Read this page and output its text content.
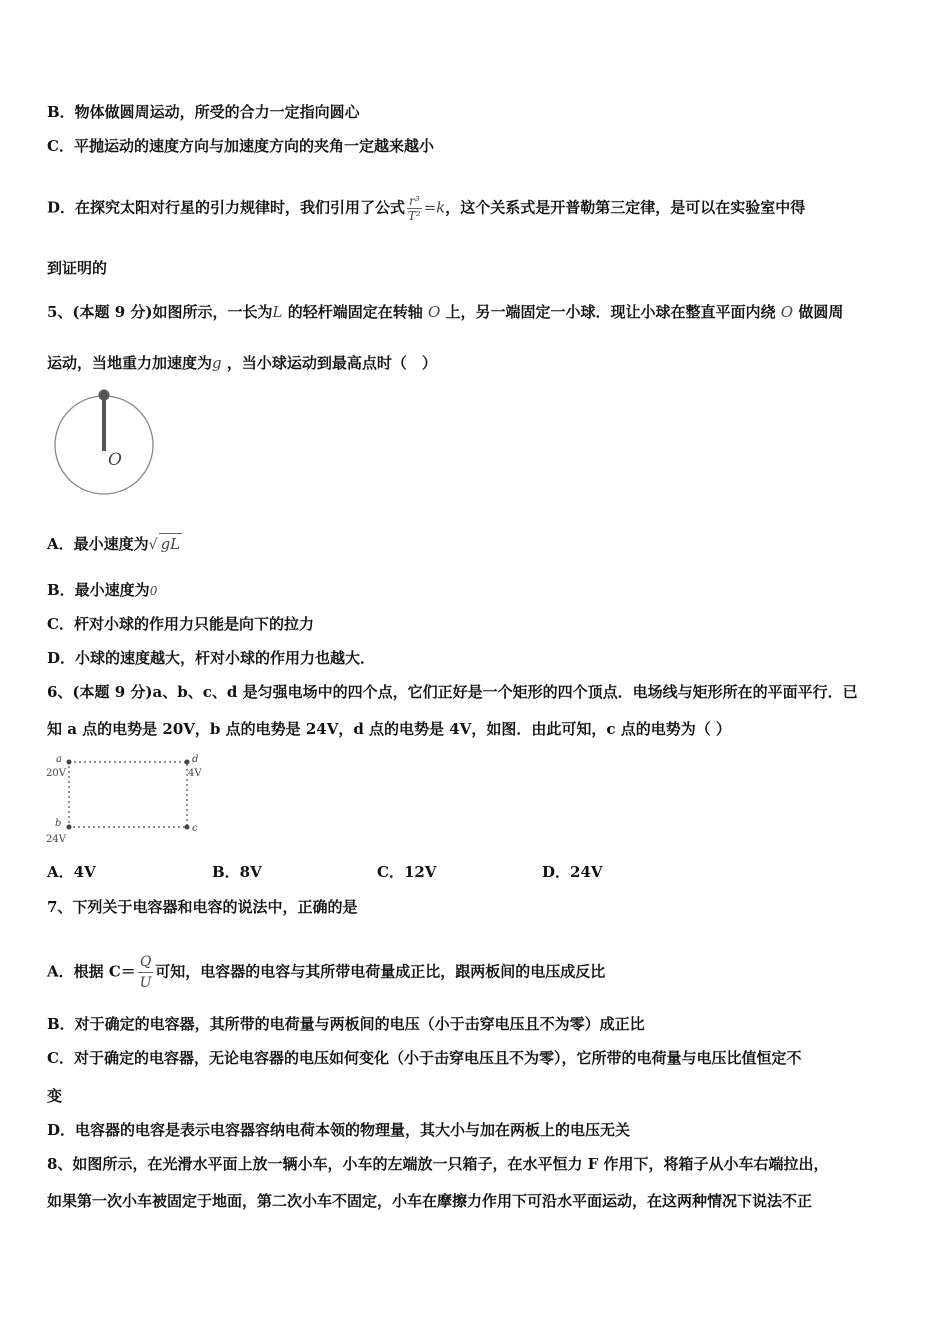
B．物体做圆周运动，所受的合力一定指向圆心
C．平抛运动的速度方向与加速度方向的夹角一定越来越小
D．在探究太阳对行星的引力规律时，我们引用了公式 $\frac{\text{r³}}{\text{T²}} =k$，这个关系式是开普勒第三定律，是可以在实验室中得
到证明的
5、(本题 9 分)如图所示，一长为L 的轻杆端固定在转轴 O 上，另一端固定一小球．现让小球在整直平面内绕 O 做圆周
运动，当地重力加速度为g ，当小球运动到最高点时（　）
O
A．最小速度为√ gL
B．最小速度为0
C．杆对小球的作用力只能是向下的拉力
D．小球的速度越大，杆对小球的作用力也越大．
6、(本题 9 分)a、b、c、d 是匀强电场中的四个点，它们正好是一个矩形的四个顶点．电场线与矩形所在的平面平行．已
知 a 点的电势是 20V，b 点的电势是 24V，d 点的电势是 4V，如图．由此可知，c 点的电势为（ ）
a
20V
d
4V
b
24V
c
A．4V	B．8V	C．12V	D．24V
7、下列关于电容器和电容的说法中，正确的是
A．根据 $C= \frac{Q}{U}$ 可知，电容器的电容与其所带电荷量成正比，跟两板间的电压成反比
B．对于确定的电容器，其所带的电荷量与两板间的电压（小于击穿电压且不为零）成正比
C．对于确定的电容器，无论电容器的电压如何变化（小于击穿电压且不为零），它所带的电荷量与电压比值恒定不
变
D．电容器的电容是表示电容器容纳电荷本领的物理量，其大小与加在两板上的电压无关
8、如图所示，在光滑水平面上放一辆小车，小车的左端放一只箱子，在水平恒力 F 作用下，将箱子从小车右端拉出，
如果第一次小车被固定于地面，第二次小车不固定，小车在摩擦力作用下可沿水平面运动，在这两种情况下说法不正
